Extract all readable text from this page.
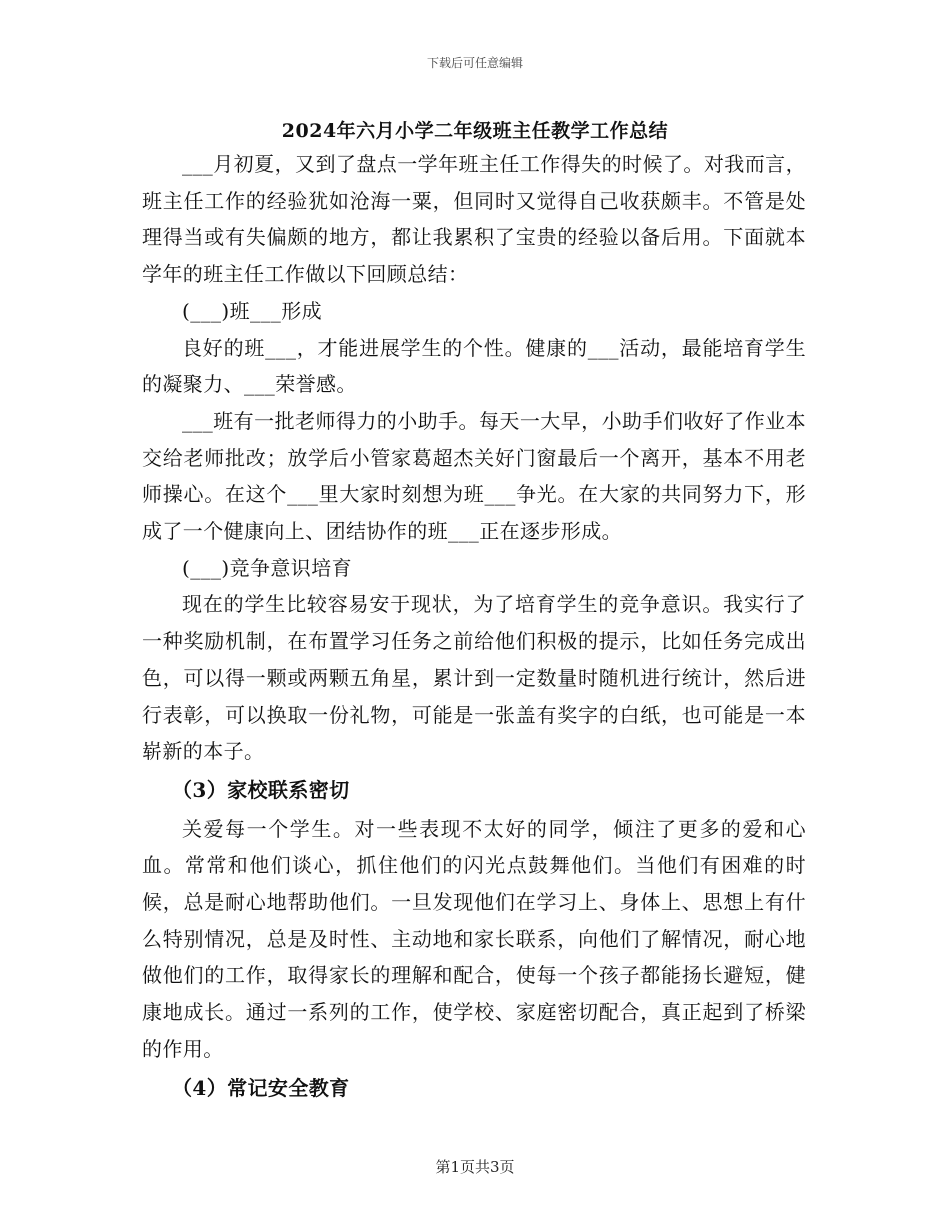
下载后可任意编辑
2024年六月小学二年级班主任教学工作总结

___月初夏，又到了盘点一学年班主任工作得失的时候了。对我而言，班主任工作的经验犹如沧海一粟，但同时又觉得自己收获颇丰。不管是处理得当或有失偏颇的地方，都让我累积了宝贵的经验以备后用。下面就本学年的班主任工作做以下回顾总结：

(___)班___形成

良好的班___，才能进展学生的个性。健康的___活动，最能培育学生的凝聚力、___荣誉感。

___班有一批老师得力的小助手。每天一大早，小助手们收好了作业本交给老师批改；放学后小管家葛超杰关好门窗最后一个离开，基本不用老师操心。在这个___里大家时刻想为班___争光。在大家的共同努力下，形成了一个健康向上、团结协作的班___正在逐步形成。

(___)竞争意识培育

现在的学生比较容易安于现状，为了培育学生的竞争意识。我实行了一种奖励机制，在布置学习任务之前给他们积极的提示，比如任务完成出色，可以得一颗或两颗五角星，累计到一定数量时随机进行统计，然后进行表彰，可以换取一份礼物，可能是一张盖有奖字的白纸，也可能是一本崭新的本子。

（3）家校联系密切

关爱每一个学生。对一些表现不太好的同学，倾注了更多的爱和心血。常常和他们谈心，抓住他们的闪光点鼓舞他们。当他们有困难的时候，总是耐心地帮助他们。一旦发现他们在学习上、身体上、思想上有什么特别情况，总是及时性、主动地和家长联系，向他们了解情况，耐心地做他们的工作，取得家长的理解和配合，使每一个孩子都能扬长避短，健康地成长。通过一系列的工作，使学校、家庭密切配合，真正起到了桥梁的作用。

（4）常记安全教育

第1页共3页
